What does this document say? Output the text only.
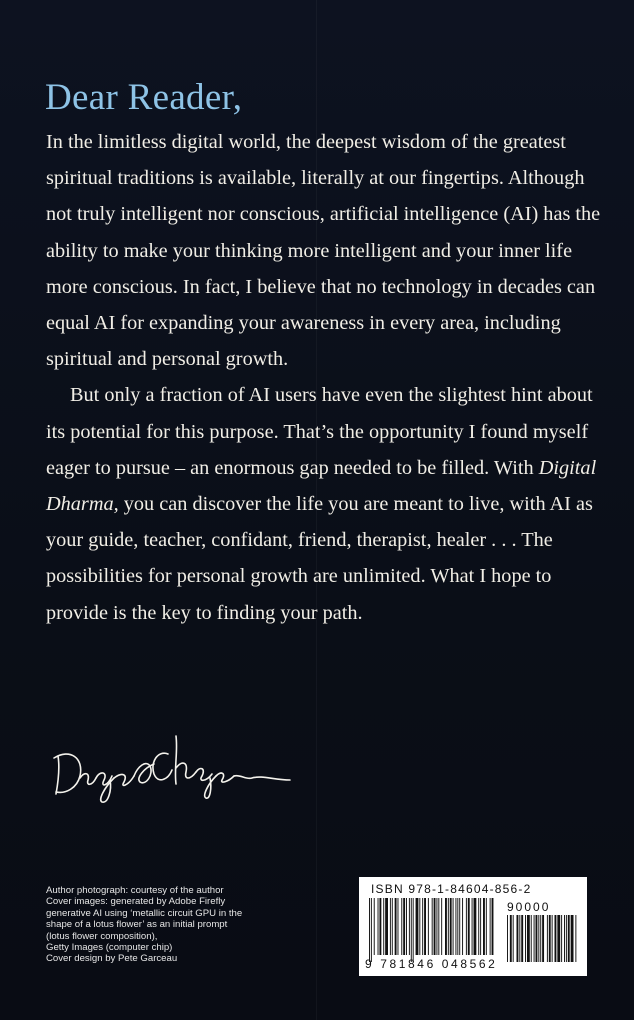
Dear Reader,

In the limitless digital world, the deepest wisdom of the greatest spiritual traditions is available, literally at our fingertips. Although not truly intelligent nor conscious, artificial intelligence (AI) has the ability to make your thinking more intelligent and your inner life more conscious. In fact, I believe that no technology in decades can equal AI for expanding your awareness in every area, including spiritual and personal growth.

But only a fraction of AI users have even the slightest hint about its potential for this purpose. That’s the opportunity I found myself eager to pursue – an enormous gap needed to be filled. With Digital Dharma, you can discover the life you are meant to live, with AI as your guide, teacher, confidant, friend, therapist, healer . . . The possibilities for personal growth are unlimited. What I hope to provide is the key to finding your path.

Author photograph: courtesy of the author
Cover images: generated by Adobe Firefly
generative AI using ‘metallic circuit GPU in the
shape of a lotus flower’ as an initial prompt
(lotus flower composition),
Getty Images (computer chip)
Cover design by Pete Garceau
ISBN 978-1-84604-856-2
90000
9 781846 048562
